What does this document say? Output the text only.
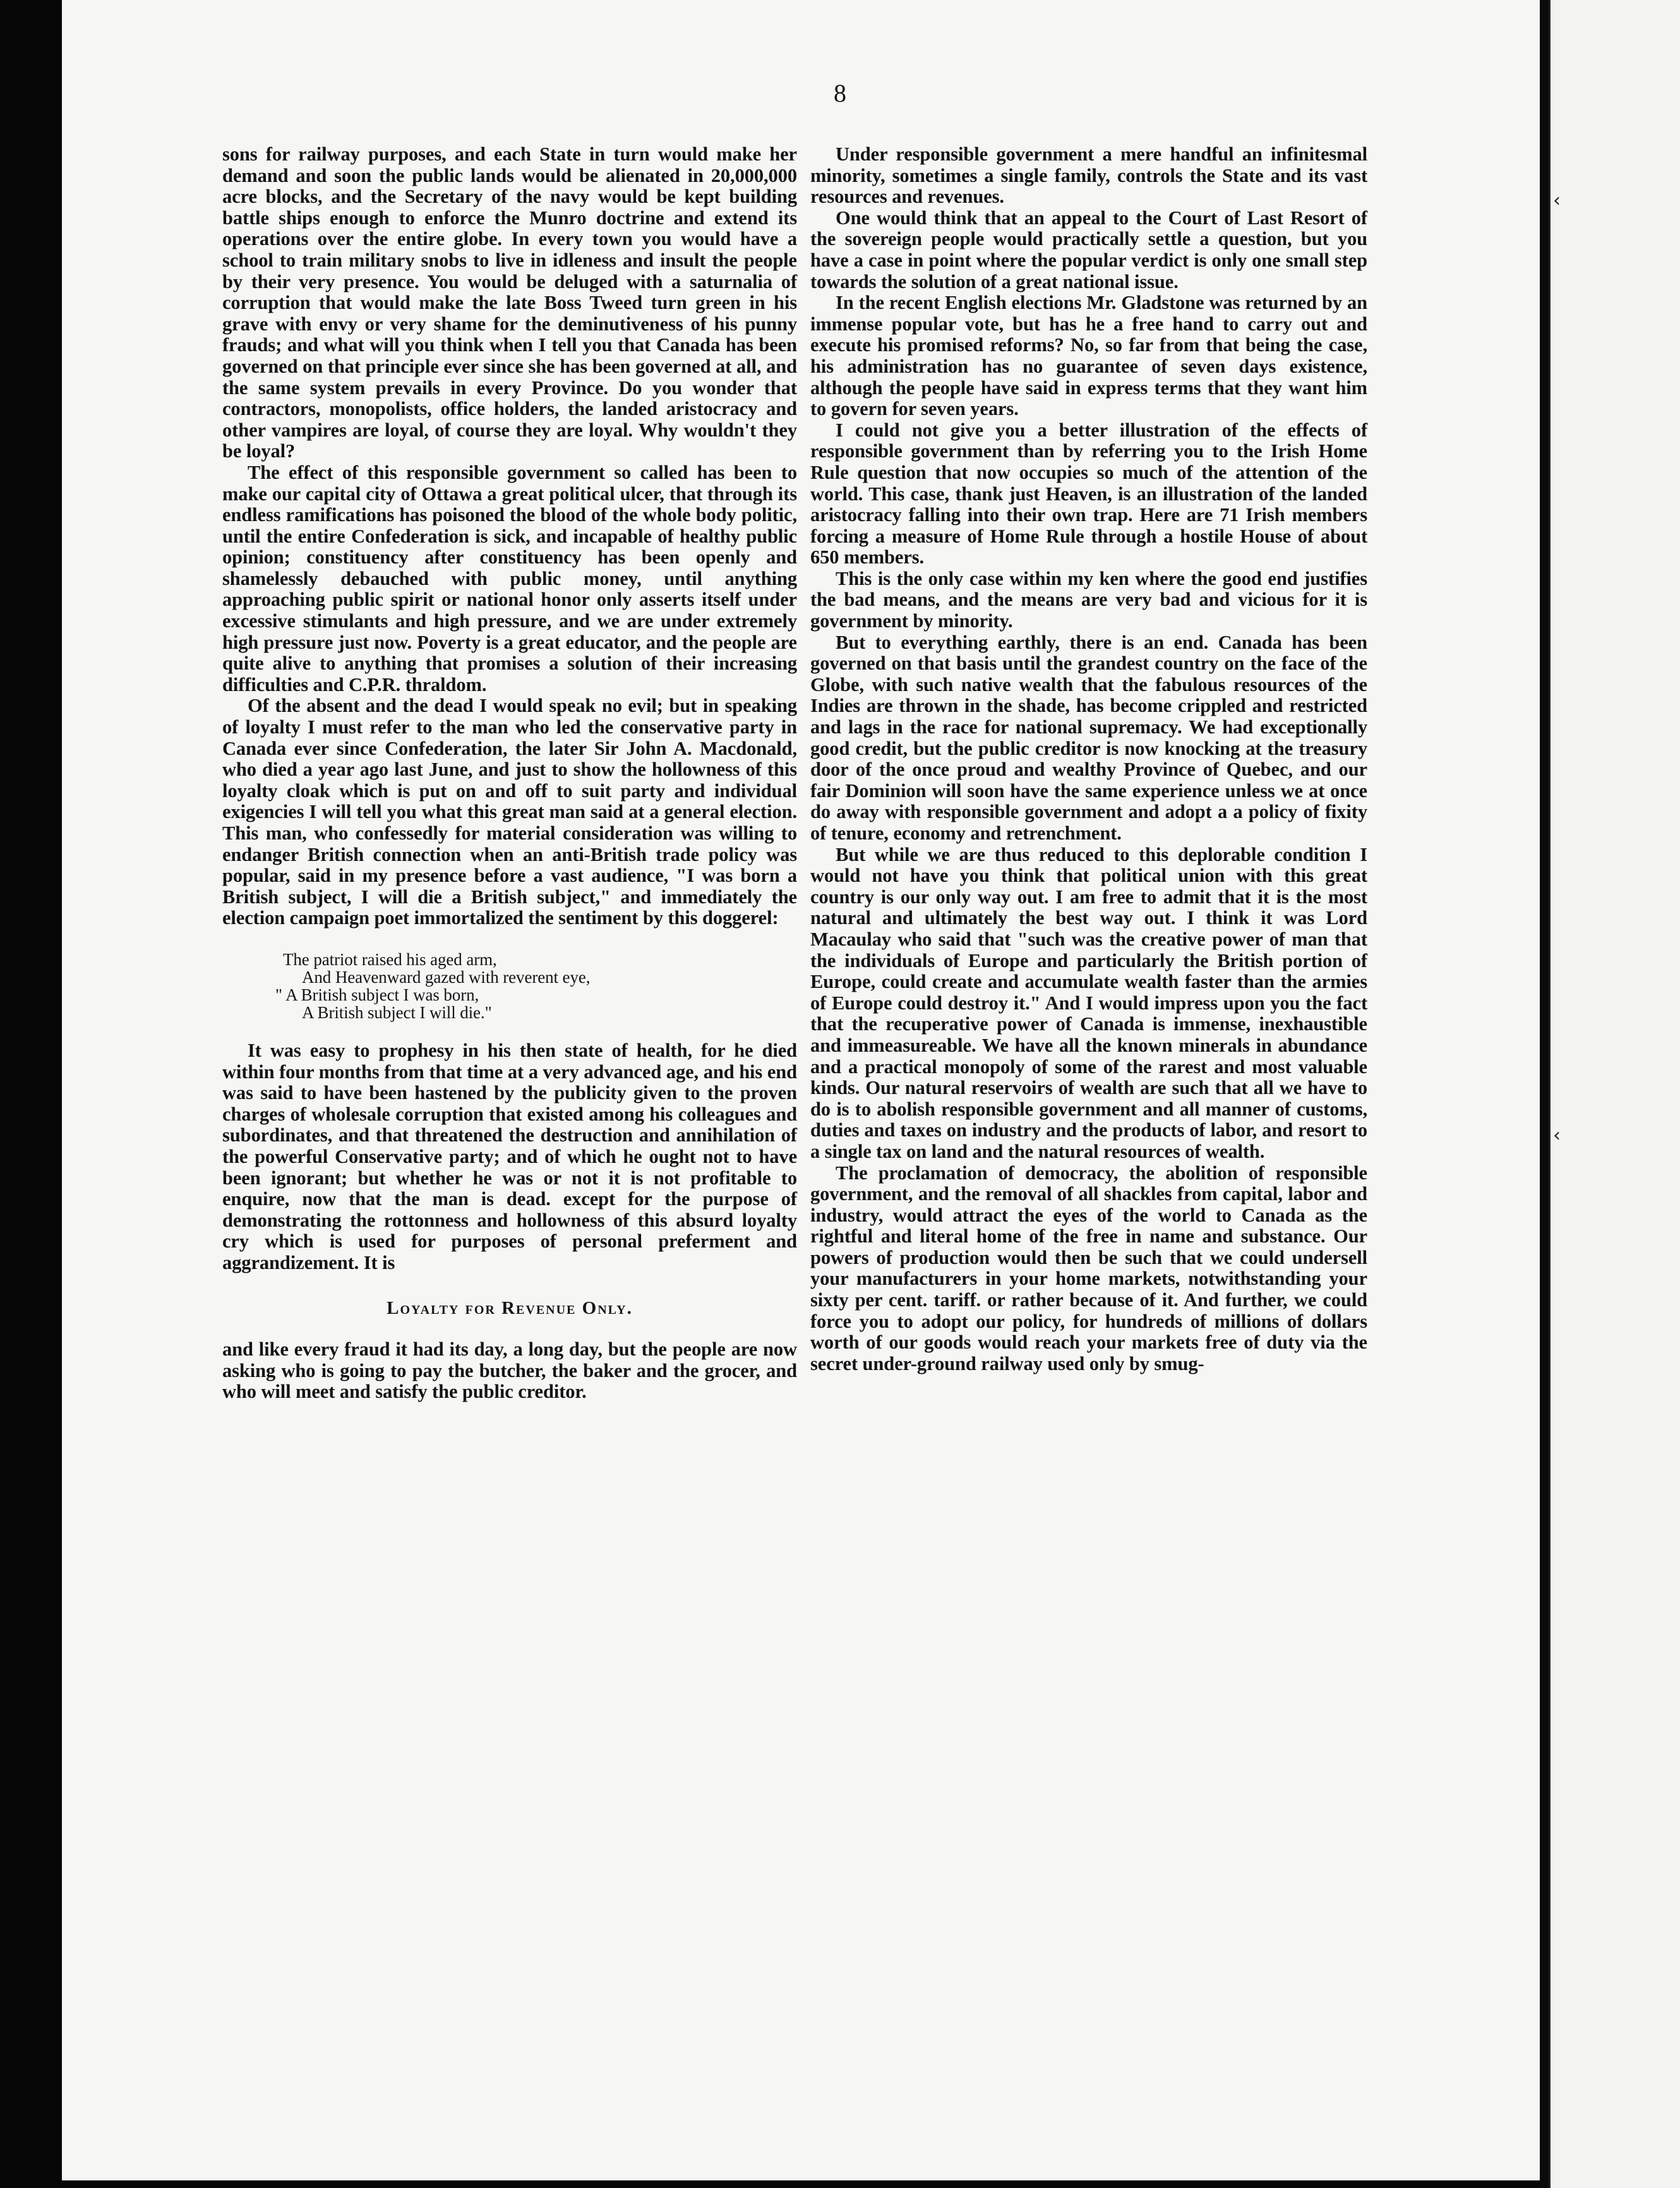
‹
‹
8

sons for railway purposes, and each State in turn would make her demand and soon the public lands would be alienated in 20,000,000 acre blocks, and the Secretary of the navy would be kept building battle ships enough to enforce the Munro doctrine and extend its operations over the entire globe. In every town you would have a school to train military snobs to live in idleness and insult the people by their very presence. You would be deluged with a saturnalia of corruption that would make the late Boss Tweed turn green in his grave with envy or very shame for the deminutiveness of his punny frauds; and what will you think when I tell you that Canada has been governed on that principle ever since she has been governed at all, and the same system prevails in every Province. Do you wonder that contractors, monopolists, office holders, the landed aristocracy and other vampires are loyal, of course they are loyal. Why wouldn't they be loyal?

The effect of this responsible government so called has been to make our capital city of Ottawa a great political ulcer, that through its endless ramifications has poisoned the blood of the whole body politic, until the entire Confederation is sick, and incapable of healthy public opinion; constituency after constituency has been openly and shamelessly debauched with public money, until anything approaching public spirit or national honor only asserts itself under excessive stimulants and high pressure, and we are under extremely high pressure just now. Poverty is a great educator, and the people are quite alive to anything that promises a solution of their increasing difficulties and C.P.R. thraldom.

Of the absent and the dead I would speak no evil; but in speaking of loyalty I must refer to the man who led the conservative party in Canada ever since Confederation, the later Sir John A. Macdonald, who died a year ago last June, and just to show the hollowness of this loyalty cloak which is put on and off to suit party and individual exigencies I will tell you what this great man said at a general election. This man, who confessedly for material consideration was willing to endanger British connection when an anti-British trade policy was popular, said in my presence before a vast audience, "I was born a British subject, I will die a British subject," and immediately the election campaign poet immortalized the sentiment by this doggerel:

The patriot raised his aged arm,
And Heavenward gazed with reverent eye,
" A British subject I was born,
A British subject I will die."

It was easy to prophesy in his then state of health, for he died within four months from that time at a very advanced age, and his end was said to have been hastened by the publicity given to the proven charges of wholesale corruption that existed among his colleagues and subordinates, and that threatened the destruction and annihilation of the powerful Conservative party; and of which he ought not to have been ignorant; but whether he was or not it is not profitable to enquire, now that the man is dead. except for the purpose of demonstrating the rottonness and hollowness of this absurd loyalty cry which is used for purposes of personal preferment and aggrandizement. It is

Loyalty for Revenue Only.

and like every fraud it had its day, a long day, but the people are now asking who is going to pay the butcher, the baker and the grocer, and who will meet and satisfy the public creditor.

Under responsible government a mere handful an infinitesmal minority, sometimes a single family, controls the State and its vast resources and revenues.

One would think that an appeal to the Court of Last Resort of the sovereign people would practically settle a question, but you have a case in point where the popular verdict is only one small step towards the solution of a great national issue.

In the recent English elections Mr. Gladstone was returned by an immense popular vote, but has he a free hand to carry out and execute his promised reforms? No, so far from that being the case, his administration has no guarantee of seven days existence, although the people have said in express terms that they want him to govern for seven years.

I could not give you a better illustration of the effects of responsible government than by referring you to the Irish Home Rule question that now occupies so much of the attention of the world. This case, thank just Heaven, is an illustration of the landed aristocracy falling into their own trap. Here are 71 Irish members forcing a measure of Home Rule through a hostile House of about 650 members.

This is the only case within my ken where the good end justifies the bad means, and the means are very bad and vicious for it is government by minority.

But to everything earthly, there is an end. Canada has been governed on that basis until the grandest country on the face of the Globe, with such native wealth that the fabulous resources of the Indies are thrown in the shade, has become crippled and restricted and lags in the race for national supremacy. We had exceptionally good credit, but the public creditor is now knocking at the treasury door of the once proud and wealthy Province of Quebec, and our fair Dominion will soon have the same experience unless we at once do away with responsible government and adopt a a policy of fixity of tenure, economy and retrenchment.

But while we are thus reduced to this deplorable condition I would not have you think that political union with this great country is our only way out. I am free to admit that it is the most natural and ultimately the best way out. I think it was Lord Macaulay who said that "such was the creative power of man that the individuals of Europe and particularly the British portion of Europe, could create and accumulate wealth faster than the armies of Europe could destroy it." And I would impress upon you the fact that the recuperative power of Canada is immense, inexhaustible and immeasureable. We have all the known minerals in abundance and a practical monopoly of some of the rarest and most valuable kinds. Our natural reservoirs of wealth are such that all we have to do is to abolish responsible government and all manner of customs, duties and taxes on industry and the products of labor, and resort to a single tax on land and the natural resources of wealth.

The proclamation of democracy, the abolition of responsible government, and the removal of all shackles from capital, labor and industry, would attract the eyes of the world to Canada as the rightful and literal home of the free in name and substance. Our powers of production would then be such that we could undersell your manufacturers in your home markets, notwithstanding your sixty per cent. tariff. or rather because of it. And further, we could force you to adopt our policy, for hundreds of millions of dollars worth of our goods would reach your markets free of duty via the secret under-ground railway used only by smug-
